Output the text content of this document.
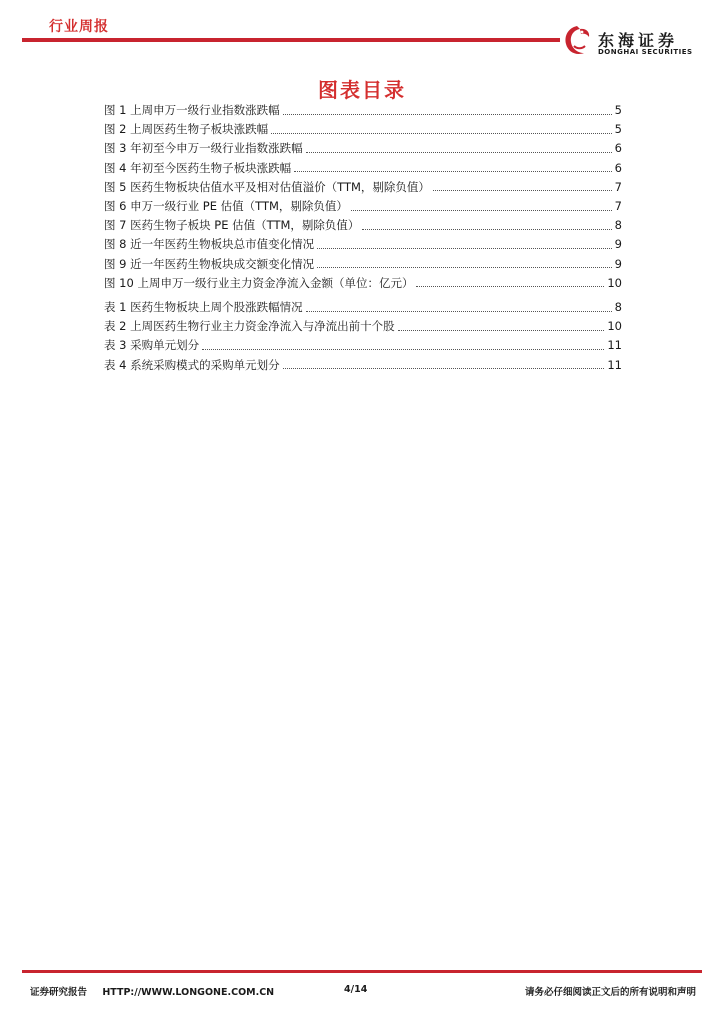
行业周报
东海证券
DONGHAI SECURITIES
图表目录
图 1 上周申万一级行业指数涨跌幅	5
图 2 上周医药生物子板块涨跌幅	5
图 3 年初至今申万一级行业指数涨跌幅	6
图 4 年初至今医药生物子板块涨跌幅	6
图 5 医药生物板块估值水平及相对估值溢价（TTM，剔除负值）	7
图 6 申万一级行业 PE 估值（TTM，剔除负值）	7
图 7 医药生物子板块 PE 估值（TTM，剔除负值）	8
图 8 近一年医药生物板块总市值变化情况	9
图 9 近一年医药生物板块成交额变化情况	9
图 10 上周申万一级行业主力资金净流入金额（单位：亿元）	10
表 1 医药生物板块上周个股涨跌幅情况	8
表 2 上周医药生物行业主力资金净流入与净流出前十个股	10
表 3 采购单元划分	11
表 4 系统采购模式的采购单元划分	11
证券研究报告 HTTP://WWW.LONGONE.COM.CN	4/14	请务必仔细阅读正文后的所有说明和声明
